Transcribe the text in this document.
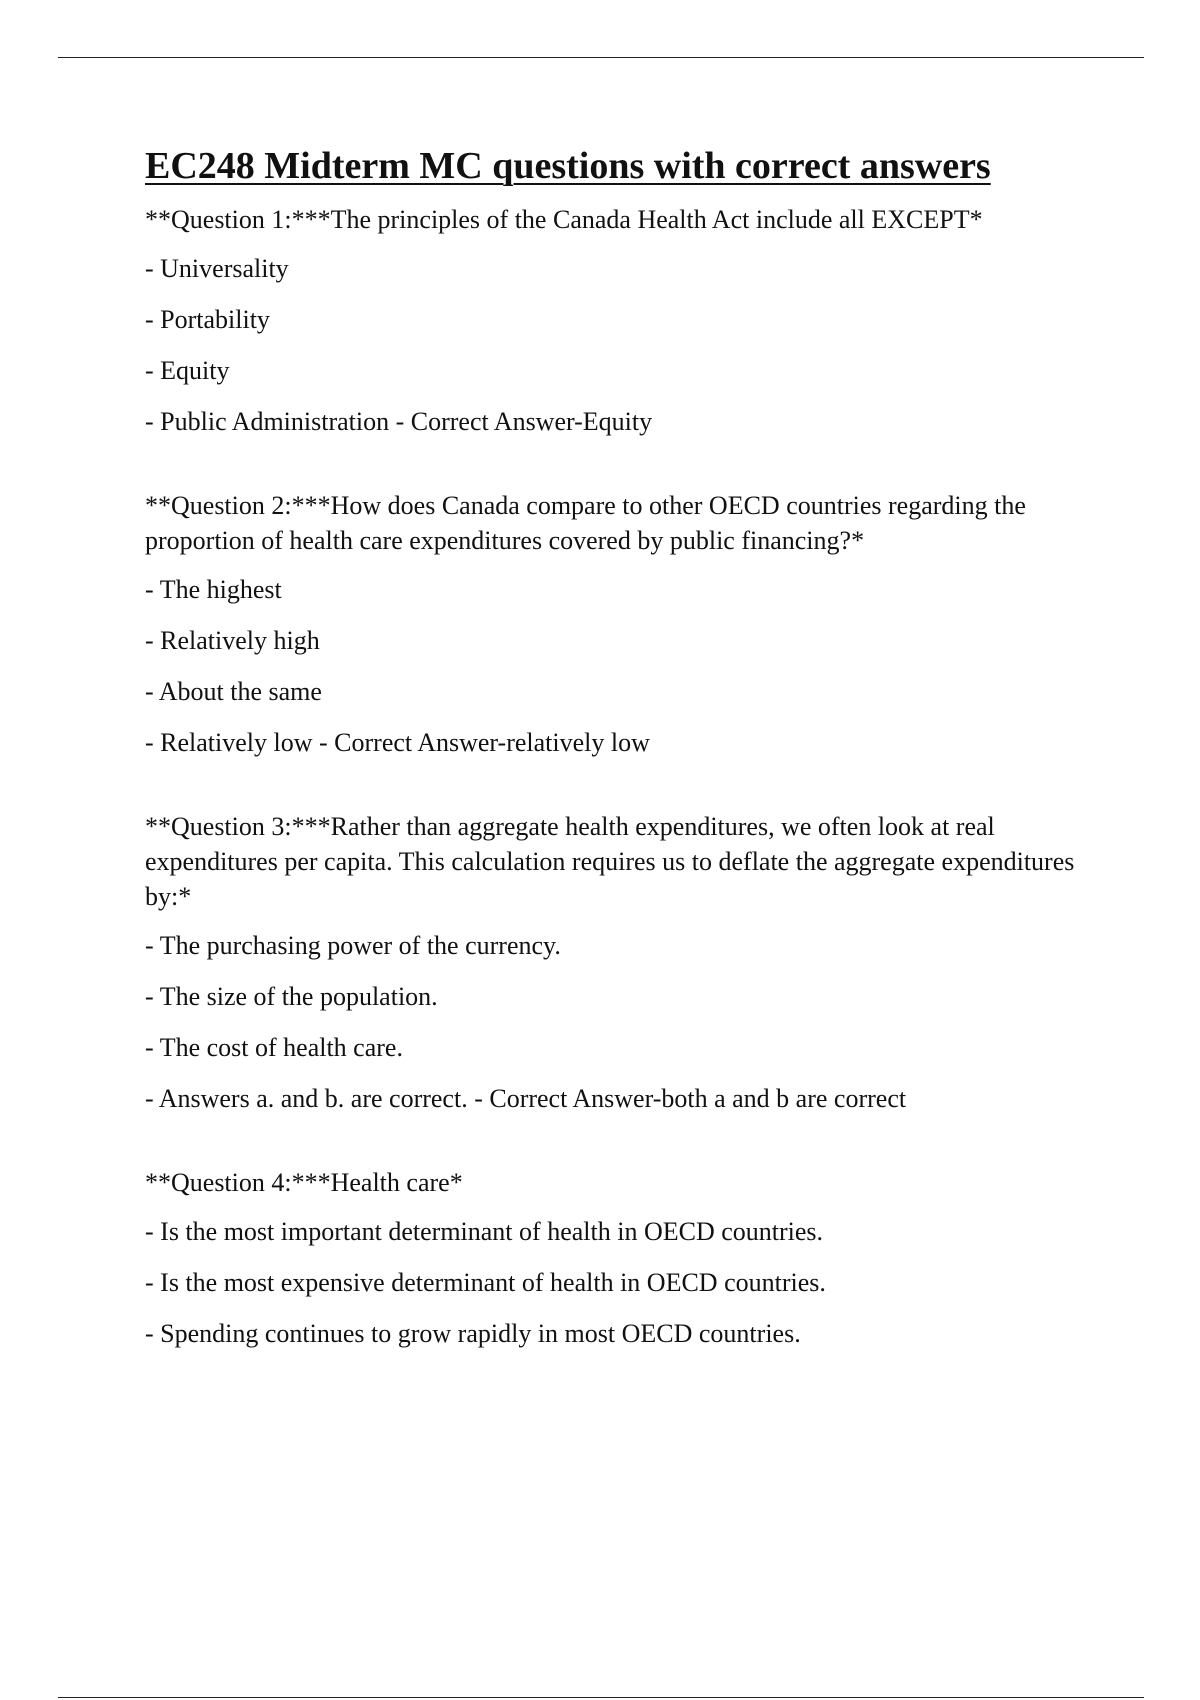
EC248 Midterm MC questions with correct answers

**Question 1:***The principles of the Canada Health Act include all EXCEPT*

- Universality

- Portability

- Equity

- Public Administration - Correct Answer-Equity

**Question 2:***How does Canada compare to other OECD countries regarding the proportion of health care expenditures covered by public financing?*

- The highest

- Relatively high

- About the same

- Relatively low - Correct Answer-relatively low

**Question 3:***Rather than aggregate health expenditures, we often look at real expenditures per capita. This calculation requires us to deflate the aggregate expenditures by:*

- The purchasing power of the currency.

- The size of the population.

- The cost of health care.

- Answers a. and b. are correct. - Correct Answer-both a and b are correct

**Question 4:***Health care*

- Is the most important determinant of health in OECD countries.

- Is the most expensive determinant of health in OECD countries.

- Spending continues to grow rapidly in most OECD countries.
